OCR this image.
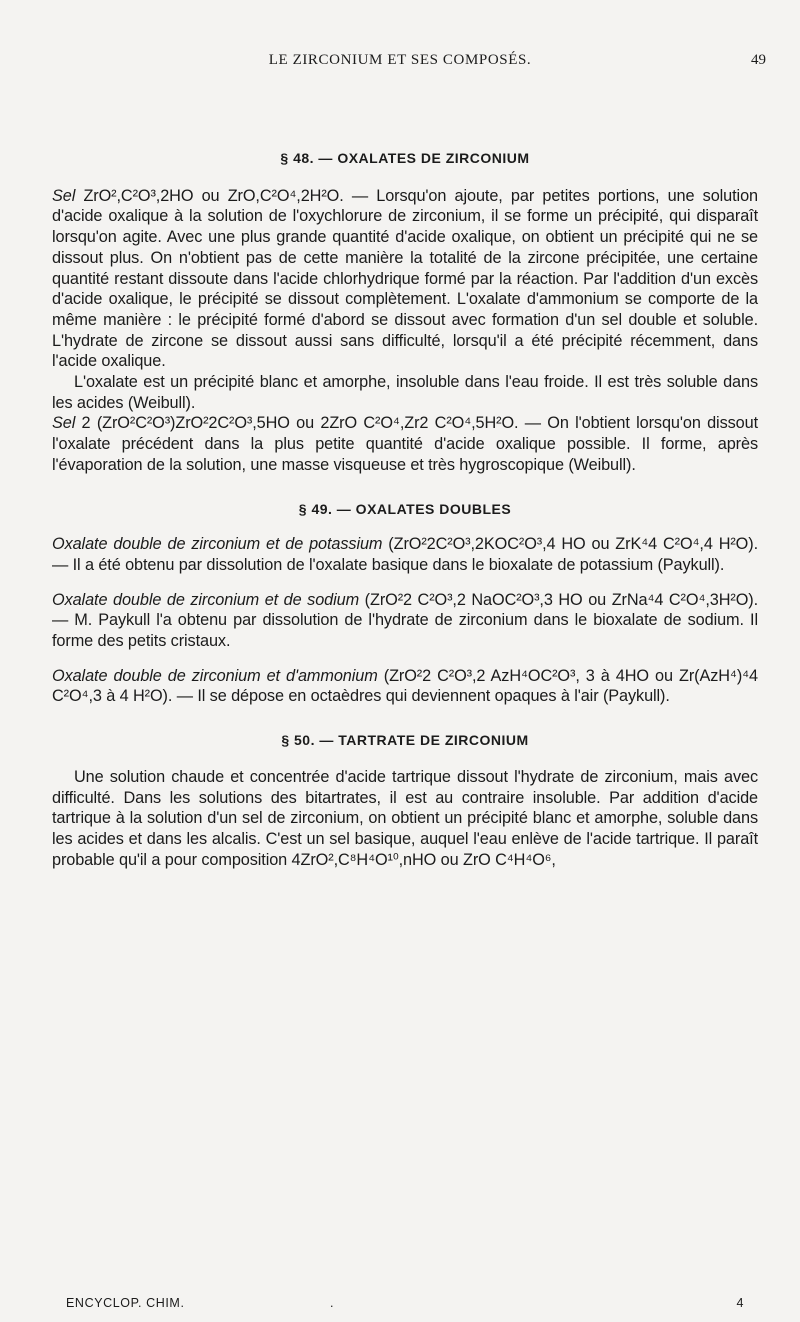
LE ZIRCONIUM ET SES COMPOSÉS.	49
§ 48. — OXALATES DE ZIRCONIUM

Sel ZrO²,C²O³,2HO ou ZrO,C²O⁴,2H²O. — Lorsqu'on ajoute, par petites portions, une solution d'acide oxalique à la solution de l'oxychlorure de zirconium, il se forme un précipité, qui disparaît lorsqu'on agite. Avec une plus grande quantité d'acide oxalique, on obtient un précipité qui ne se dissout plus. On n'obtient pas de cette manière la totalité de la zircone précipitée, une certaine quantité restant dissoute dans l'acide chlorhydrique formé par la réaction. Par l'addition d'un excès d'acide oxalique, le précipité se dissout complètement. L'oxalate d'ammonium se comporte de la même manière : le précipité formé d'abord se dissout avec formation d'un sel double et soluble. L'hydrate de zircone se dissout aussi sans difficulté, lorsqu'il a été précipité récemment, dans l'acide oxalique.

L'oxalate est un précipité blanc et amorphe, insoluble dans l'eau froide. Il est très soluble dans les acides (Weibull).

Sel 2 (ZrO²C²O³)ZrO²2C²O³,5HO ou 2ZrO C²O⁴,Zr2 C²O⁴,5H²O. — On l'obtient lorsqu'on dissout l'oxalate précédent dans la plus petite quantité d'acide oxalique possible. Il forme, après l'évaporation de la solution, une masse visqueuse et très hygroscopique (Weibull).

§ 49. — OXALATES DOUBLES

Oxalate double de zirconium et de potassium (ZrO²2C²O³,2KOC²O³,4 HO ou ZrK⁴4 C²O⁴,4 H²O). — Il a été obtenu par dissolution de l'oxalate basique dans le bioxalate de potassium (Paykull).

Oxalate double de zirconium et de sodium (ZrO²2 C²O³,2 NaOC²O³,3 HO ou ZrNa⁴4 C²O⁴,3H²O). — M. Paykull l'a obtenu par dissolution de l'hydrate de zirconium dans le bioxalate de sodium. Il forme des petits cristaux.

Oxalate double de zirconium et d'ammonium (ZrO²2 C²O³,2 AzH⁴OC²O³, 3 à 4HO ou Zr(AzH⁴)⁴4 C²O⁴,3 à 4 H²O). — Il se dépose en octaèdres qui deviennent opaques à l'air (Paykull).

§ 50. — TARTRATE DE ZIRCONIUM

Une solution chaude et concentrée d'acide tartrique dissout l'hydrate de zirconium, mais avec difficulté. Dans les solutions des bitartrates, il est au contraire insoluble. Par addition d'acide tartrique à la solution d'un sel de zirconium, on obtient un précipité blanc et amorphe, soluble dans les acides et dans les alcalis. C'est un sel basique, auquel l'eau enlève de l'acide tartrique. Il paraît probable qu'il a pour composition 4ZrO²,C⁸H⁴O¹⁰,nHO ou ZrO C⁴H⁴O⁶,

ENCYCLOP. CHIM.	.	4
